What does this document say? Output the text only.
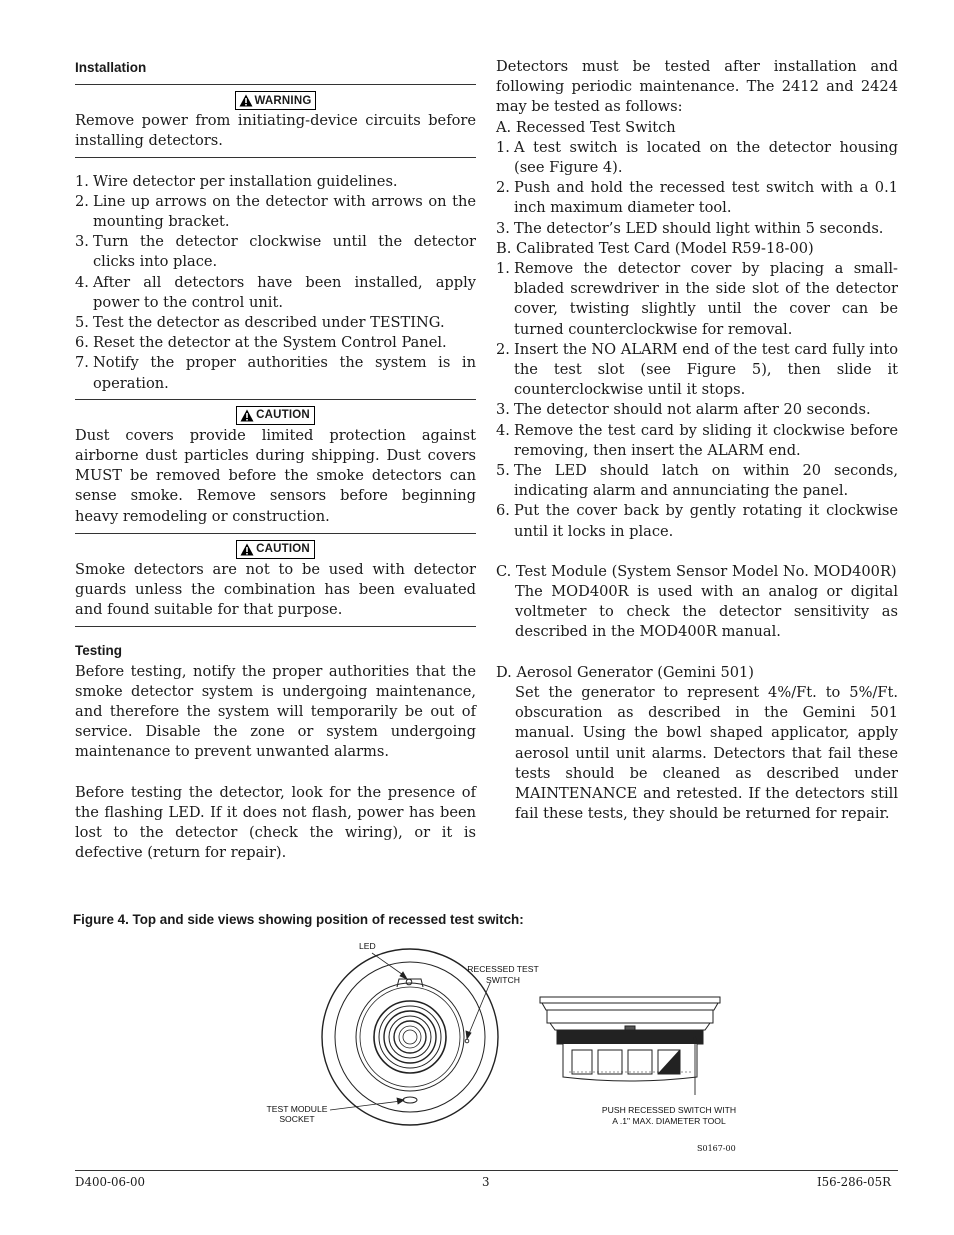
Installation
WARNING
Remove power from initiating-device circuits before installing detectors.
1. Wire detector per installation guidelines.
2. Line up arrows on the detector with arrows on the mounting bracket.
3. Turn the detector clockwise until the detector clicks into place.
4. After all detectors have been installed, apply power to the control unit.
5. Test the detector as described under TESTING.
6. Reset the detector at the System Control Panel.
7. Notify the proper authorities the system is in operation.
CAUTION
Dust covers provide limited protection against airborne dust particles during shipping. Dust covers MUST be removed before the smoke detectors can sense smoke. Remove sensors before beginning heavy remodeling or construction.
CAUTION
Smoke detectors are not to be used with detector guards unless the combination has been evaluated and found suitable for that purpose.
Testing
Before testing, notify the proper authorities that the smoke detector system is undergoing maintenance, and therefore the system will temporarily be out of service. Disable the zone or system undergoing maintenance to prevent unwanted alarms.
Before testing the detector, look for the presence of the flashing LED. If it does not flash, power has been lost to the detector (check the wiring), or it is defective (return for repair).
Detectors must be tested after installation and following periodic maintenance. The 2412 and 2424 may be tested as follows:
A. Recessed Test Switch
1. A test switch is located on the detector housing (see Figure 4).
2. Push and hold the recessed test switch with a 0.1 inch maximum diameter tool.
3. The detector’s LED should light within 5 seconds.
B. Calibrated Test Card (Model R59-18-00)
1. Remove the detector cover by placing a small-bladed screwdriver in the side slot of the detector cover, twisting slightly until the cover can be turned counterclockwise for removal.
2. Insert the NO ALARM end of the test card fully into the test slot (see Figure 5), then slide it counterclockwise until it stops.
3. The detector should not alarm after 20 seconds.
4. Remove the test card by sliding it clockwise before removing, then insert the ALARM end.
5. The LED should latch on within 20 seconds, indicating alarm and annunciating the panel.
6. Put the cover back by gently rotating it clockwise until it locks in place.
C. Test Module (System Sensor Model No. MOD400R)
The MOD400R is used with an analog or digital voltmeter to check the detector sensitivity as described in the MOD400R manual.
D. Aerosol Generator (Gemini 501)
Set the generator to represent 4%/Ft. to 5%/Ft. obscuration as described in the Gemini 501 manual. Using the bowl shaped applicator, apply aerosol until unit alarms. Detectors that fail these tests should be cleaned as described under MAINTENANCE and retested. If the detectors still fail these tests, they should be returned for repair.
Figure 4. Top and side views showing position of recessed test switch:
LED
RECESSED TEST
SWITCH
TEST MODULE
SOCKET
PUSH RECESSED SWITCH WITH
A .1" MAX. DIAMETER TOOL
S0167-00
D400-06-00	3	I56-286-05R
